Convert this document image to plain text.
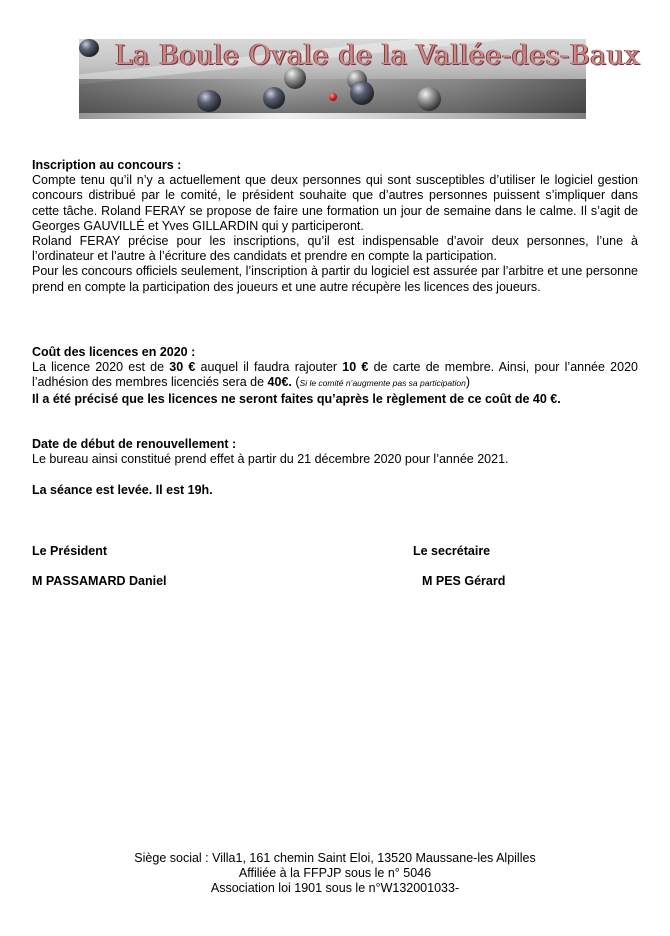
La Boule Ovale de la Vallée-des-Baux

Inscription au concours :

Compte tenu qu’il n’y a actuellement que deux personnes qui sont susceptibles d’utiliser le logiciel gestion concours distribué par le comité, le président souhaite que d’autres personnes puissent s’impliquer dans cette tâche. Roland FERAY se propose de faire une formation un jour de semaine dans le calme. Il s’agit de Georges GAUVILLÉ et Yves GILLARDIN qui y participeront.

Roland FERAY précise pour les inscriptions, qu’il est indispensable d’avoir deux personnes, l’une à l’ordinateur et l’autre à l’écriture des candidats et prendre en compte la participation.

Pour les concours officiels seulement, l’inscription à partir du logiciel est assurée par l’arbitre et une personne prend en compte la participation des joueurs et une autre récupère les licences des joueurs.

Coût des licences en 2020 :

La licence 2020 est de 30 € auquel il faudra rajouter 10 € de carte de membre. Ainsi, pour l’année 2020 l’adhésion des membres licenciés sera de 40€. (Si le comité n’augmente pas sa participation)

Il a été précisé que les licences ne seront faites qu’après le règlement de ce coût de 40 €.

Date de début de renouvellement :

Le bureau ainsi constitué prend effet à partir du 21 décembre 2020 pour l’année 2021.

La séance est levée. Il est 19h.

Le Président	Le secrétaire
M PASSAMARD Daniel	M PES Gérard
Siège social : Villa1, 161 chemin Saint Eloi, 13520 Maussane-les Alpilles
Affiliée à la FFPJP sous le n° 5046
Association loi 1901 sous le n°W132001033-
